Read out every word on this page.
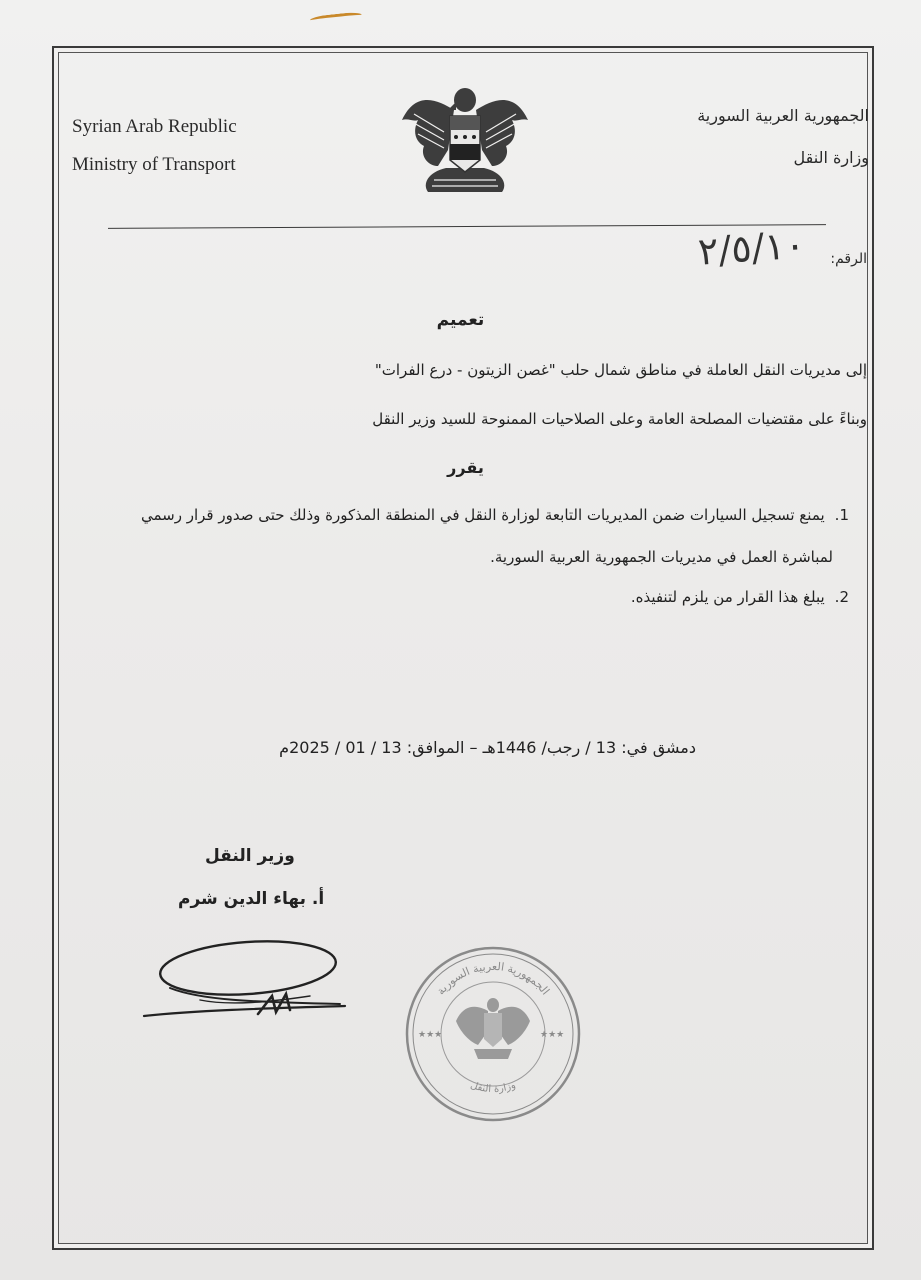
Syrian Arab Republic
Ministry of Transport
الجمهورية العربية السورية
وزارة النقل
الرقم:
٢/٥/١٠
تعميم
إلى مديريات النقل العاملة في مناطق شمال حلب "غصن الزيتون - درع الفرات"
وبناءً على مقتضيات المصلحة العامة وعلى الصلاحيات الممنوحة للسيد وزير النقل
يقرر
1.يمنع تسجيل السيارات ضمن المديريات التابعة لوزارة النقل في المنطقة المذكورة وذلك حتى صدور قرار رسمي
لمباشرة العمل في مديريات الجمهورية العربية السورية.
2.يبلغ هذا القرار من يلزم لتنفيذه.
دمشق في: 13 / رجب/ 1446هـ – الموافق: 13 / 01 / 2025م
وزير النقل
أ. بهاء الدين شرم
الجمهورية العربية السورية
وزارة النقل
★★★	★★★
